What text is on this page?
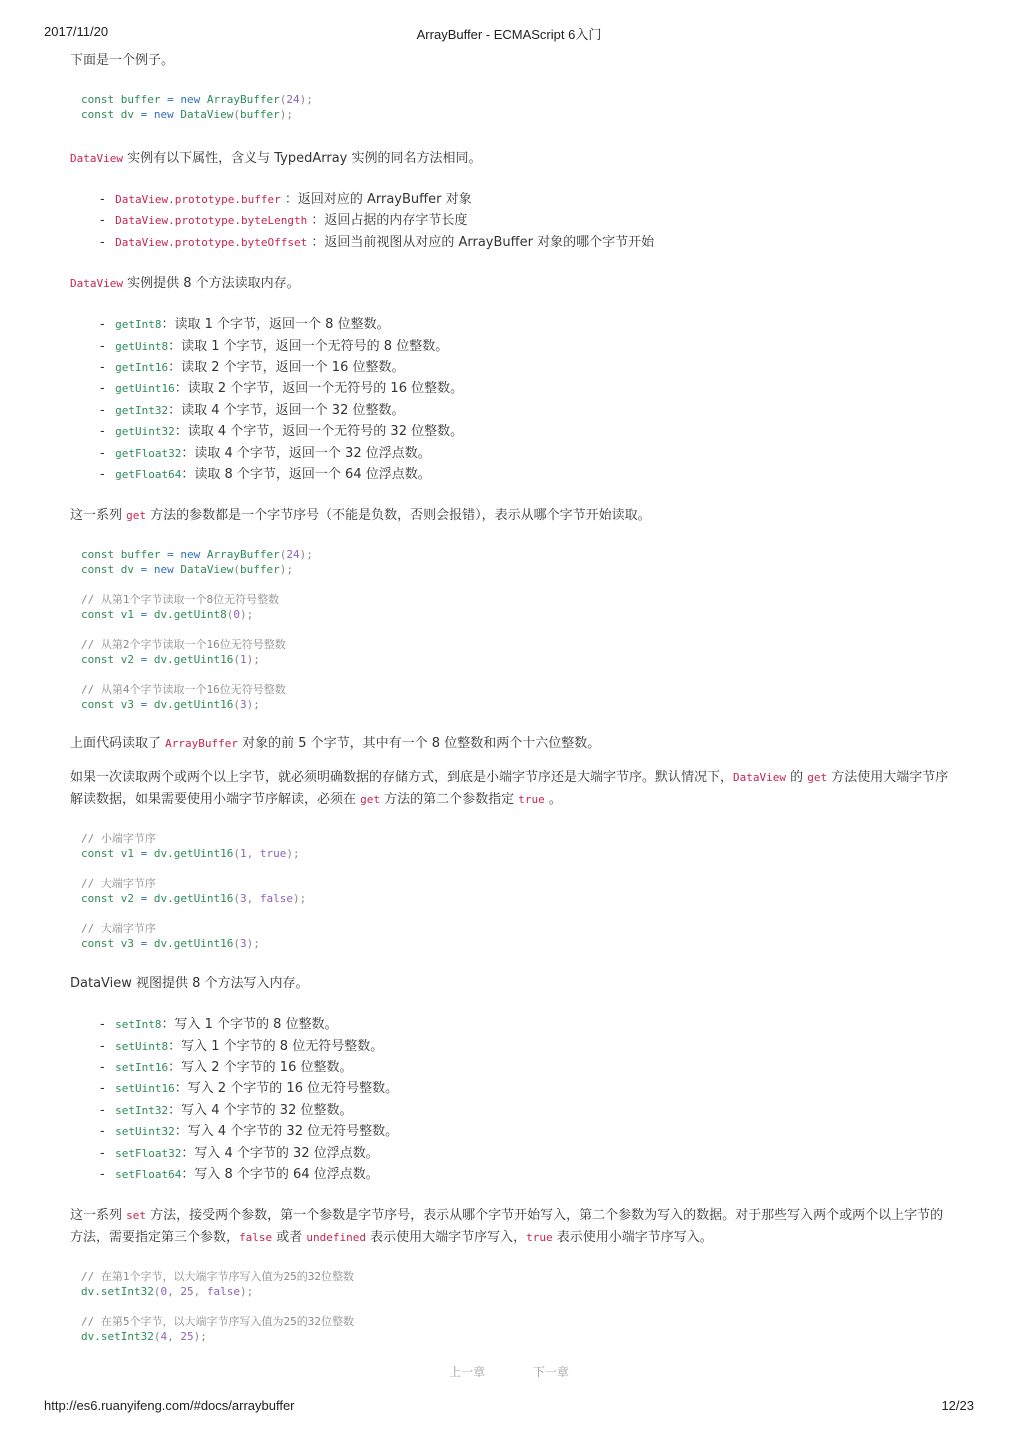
2017/11/20	ArrayBuffer - ECMAScript 6入门

下面是一个例子。

const buffer = new ArrayBuffer(24);
const dv = new DataView(buffer);

DataView 实例有以下属性，含义与 TypedArray 实例的同名方法相同。

- DataView.prototype.buffer ：返回对应的 ArrayBuffer 对象
- DataView.prototype.byteLength ：返回占据的内存字节长度
- DataView.prototype.byteOffset ：返回当前视图从对应的 ArrayBuffer 对象的哪个字节开始

DataView 实例提供 8 个方法读取内存。

- getInt8：读取 1 个字节，返回一个 8 位整数。
- getUint8：读取 1 个字节，返回一个无符号的 8 位整数。
- getInt16：读取 2 个字节，返回一个 16 位整数。
- getUint16：读取 2 个字节，返回一个无符号的 16 位整数。
- getInt32：读取 4 个字节，返回一个 32 位整数。
- getUint32：读取 4 个字节，返回一个无符号的 32 位整数。
- getFloat32：读取 4 个字节，返回一个 32 位浮点数。
- getFloat64：读取 8 个字节，返回一个 64 位浮点数。

这一系列 get 方法的参数都是一个字节序号（不能是负数，否则会报错），表示从哪个字节开始读取。

const buffer = new ArrayBuffer(24);
const dv = new DataView(buffer);
// 从第1个字节读取一个8位无符号整数
const v1 = dv.getUint8(0);
// 从第2个字节读取一个16位无符号整数
const v2 = dv.getUint16(1);
// 从第4个字节读取一个16位无符号整数
const v3 = dv.getUint16(3);

上面代码读取了 ArrayBuffer 对象的前 5 个字节，其中有一个 8 位整数和两个十六位整数。

如果一次读取两个或两个以上字节，就必须明确数据的存储方式，到底是小端字节序还是大端字节序。默认情况下，DataView 的 get 方法使用大端字节序解读数据，如果需要使用小端字节序解读，必须在 get 方法的第二个参数指定 true 。

// 小端字节序
const v1 = dv.getUint16(1, true);
// 大端字节序
const v2 = dv.getUint16(3, false);
// 大端字节序
const v3 = dv.getUint16(3);

DataView 视图提供 8 个方法写入内存。

- setInt8：写入 1 个字节的 8 位整数。
- setUint8：写入 1 个字节的 8 位无符号整数。
- setInt16：写入 2 个字节的 16 位整数。
- setUint16：写入 2 个字节的 16 位无符号整数。
- setInt32：写入 4 个字节的 32 位整数。
- setUint32：写入 4 个字节的 32 位无符号整数。
- setFloat32：写入 4 个字节的 32 位浮点数。
- setFloat64：写入 8 个字节的 64 位浮点数。

这一系列 set 方法，接受两个参数，第一个参数是字节序号，表示从哪个字节开始写入，第二个参数为写入的数据。对于那些写入两个或两个以上字节的方法，需要指定第三个参数，false 或者 undefined 表示使用大端字节序写入，true 表示使用小端字节序写入。

// 在第1个字节，以大端字节序写入值为25的32位整数
dv.setInt32(0, 25, false);
// 在第5个字节，以大端字节序写入值为25的32位整数
dv.setInt32(4, 25);
上一章	下一章
http://es6.ruanyifeng.com/#docs/arraybuffer	12/23
